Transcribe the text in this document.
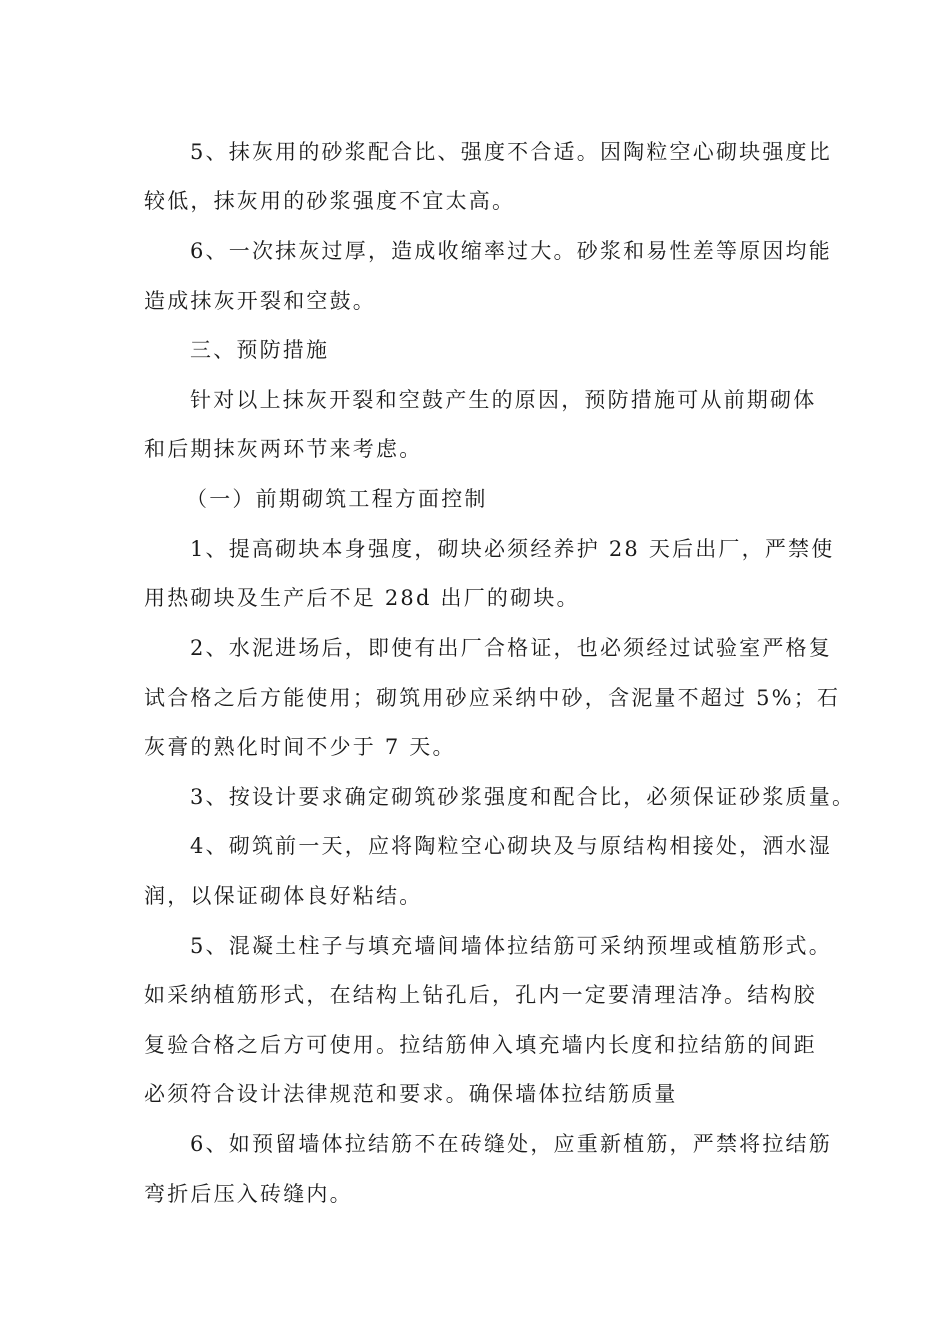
5、抹灰用的砂浆配合比、强度不合适。因陶粒空心砌块强度比
较低，抹灰用的砂浆强度不宜太高。
6、一次抹灰过厚，造成收缩率过大。砂浆和易性差等原因均能
造成抹灰开裂和空鼓。
三、预防措施
针对以上抹灰开裂和空鼓产生的原因，预防措施可从前期砌体
和后期抹灰两环节来考虑。
（一）前期砌筑工程方面控制
1、提高砌块本身强度，砌块必须经养护 28 天后出厂，严禁使
用热砌块及生产后不足 28d 出厂的砌块。
2、水泥进场后，即使有出厂合格证，也必须经过试验室严格复
试合格之后方能使用；砌筑用砂应采纳中砂，含泥量不超过 5%；石
灰膏的熟化时间不少于 7 天。
3、按设计要求确定砌筑砂浆强度和配合比，必须保证砂浆质量。
4、砌筑前一天，应将陶粒空心砌块及与原结构相接处，洒水湿
润，以保证砌体良好粘结。
5、混凝土柱子与填充墙间墙体拉结筋可采纳预埋或植筋形式。
如采纳植筋形式，在结构上钻孔后，孔内一定要清理洁净。结构胶
复验合格之后方可使用。拉结筋伸入填充墙内长度和拉结筋的间距
必须符合设计法律规范和要求。确保墙体拉结筋质量
6、如预留墙体拉结筋不在砖缝处，应重新植筋，严禁将拉结筋
弯折后压入砖缝内。
